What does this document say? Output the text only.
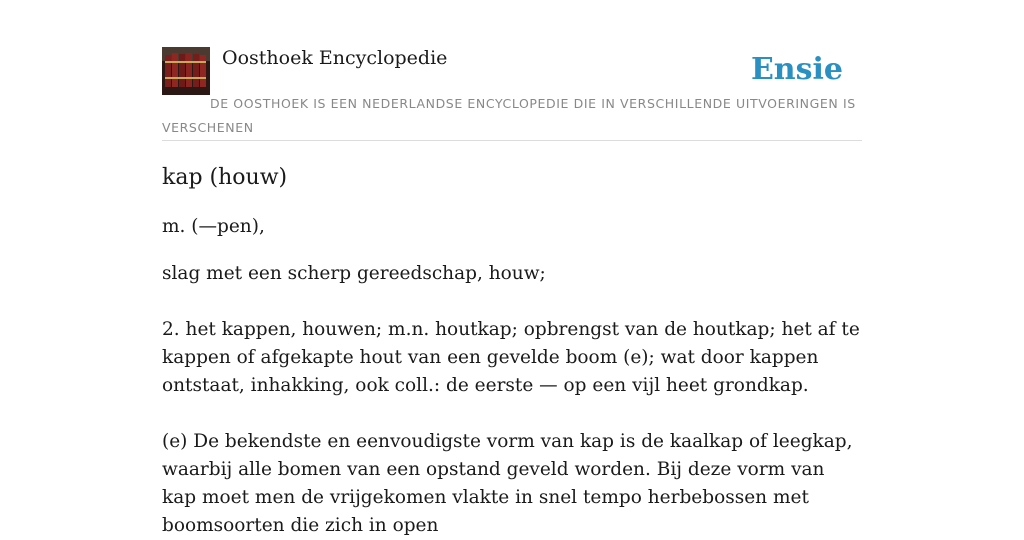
Oosthoek Encyclopedie	Ensie
DE OOSTHOEK IS EEN NEDERLANDSE ENCYCLOPEDIE DIE IN VERSCHILLENDE UITVOERINGEN IS VERSCHENEN
kap (houw)

m. (—pen),

slag met een scherp gereedschap, houw;

2. het kappen, houwen; m.n. houtkap; opbrengst van de houtkap; het af te kappen of afgekapte hout van een gevelde boom (e); wat door kappen ontstaat, inhakking, ook coll.: de eerste — op een vijl heet grondkap.

(e) De bekendste en eenvoudigste vorm van kap is de kaalkap of leegkap, waarbij alle bomen van een opstand geveld worden. Bij deze vorm van kap moet men de vrijgekomen vlakte in snel tempo herbebossen met boomsoorten die zich in open
